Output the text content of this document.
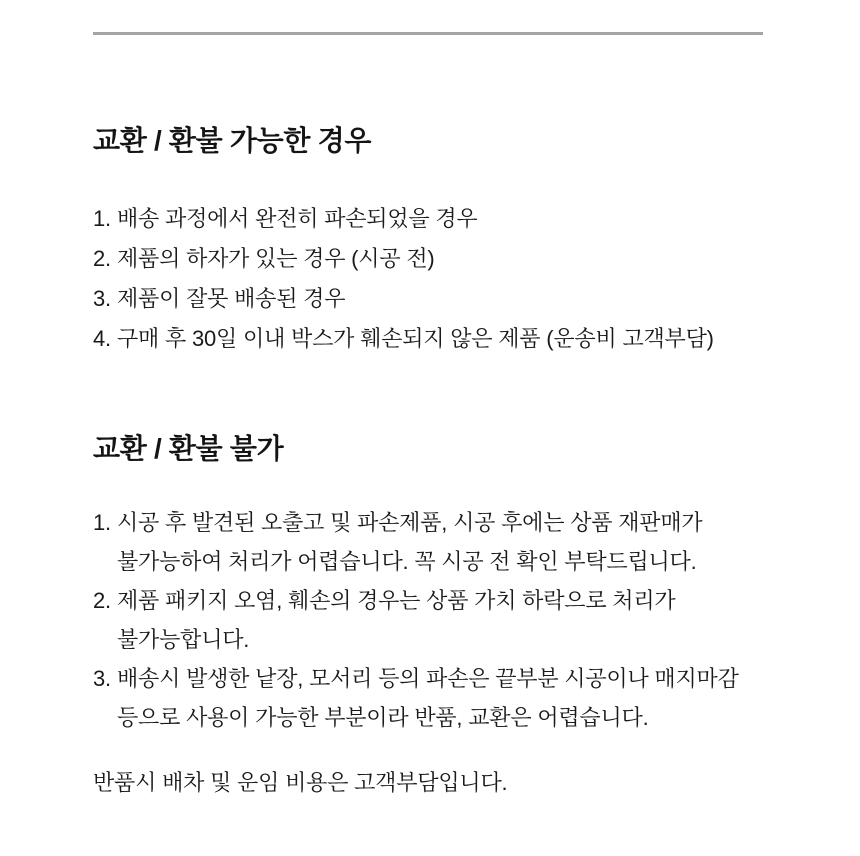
교환 / 환불 가능한 경우
1. 배송 과정에서 완전히 파손되었을 경우
2. 제품의 하자가 있는 경우 (시공 전)
3. 제품이 잘못 배송된 경우
4. 구매 후 30일 이내 박스가 훼손되지 않은 제품 (운송비 고객부담)
교환 / 환불 불가
1. 시공 후 발견된 오출고 및 파손제품, 시공 후에는 상품 재판매가
불가능하여 처리가 어렵습니다. 꼭 시공 전 확인 부탁드립니다.
2. 제품 패키지 오염, 훼손의 경우는 상품 가치 하락으로 처리가
불가능합니다.
3. 배송시 발생한 낱장, 모서리 등의 파손은 끝부분 시공이나 매지마감
등으로 사용이 가능한 부분이라 반품, 교환은 어렵습니다.

반품시 배차 및 운임 비용은 고객부담입니다.
